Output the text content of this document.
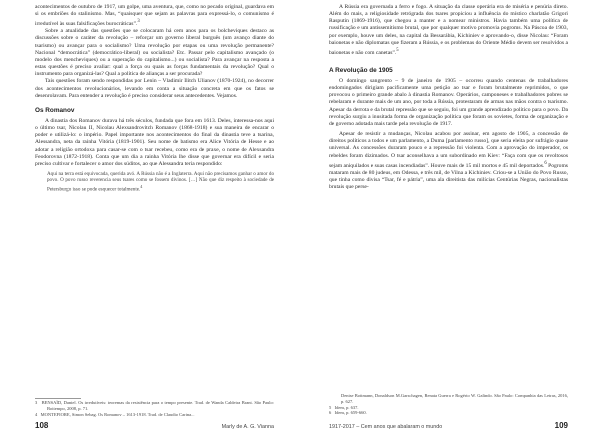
acontecimentos de outubro de 1917, um golpe, uma aventura, que, como no pecado original, guardava em si os embriões do stalinismo. Mas, “quaisquer que sejam as palavras para expressá-lo, o comunismo é irredutível às suas falsificações burocráticas”.$^3$

Sobre a atualidade das questões que se colocaram há cem anos para os bolcheviques destaco as discussões sobre o caráter da revolução – reforçar um governo liberal burguês (um avanço diante do tsarismo) ou avançar para o socialismo? Uma revolução por etapas ou uma revolução permanente? Nacional “democrática” (democrático-liberal) ou socialista? Etc. Passar pelo capitalismo avançado (o modelo dos mencheviques) ou a superação do capitalismo...) ou socialista? Para avançar na resposta a estas questões é preciso avaliar: qual a força ou quais as forças fundamentais da revolução? Qual o instrumento para organizá-las? Qual a política de alianças a ser procurada?

Tais questões foram sendo respondidas por Lenin – Vladimir Ilitch Ulianov (1870-1924), no decorrer dos acontecimentos revolucionários, levando em conta a situação concreta em que os fatos se desenrolavam. Para entender a revolução é preciso considerar seus antecedentes. Vejamos.

Os Romanov

A dinastia dos Romanov durava há três séculos, fundada que fora em 1613. Deles, interessa-nos aqui o último tsar, Nicolau II, Nicolau Alexsandrovitch Romanov (1868-1918) e sua maneira de encarar o poder e utilizá-lo: o império. Papel importante nos acontecimentos do final da dinastia teve a tsarina, Alessandra, neta da rainha Vitória (1819-1901). Seu nome de batismo era Alice Vitória de Hesse e ao adotar a religião ortodoxa para casar-se com o tsar recebeu, como era de praxe, o nome de Alexsandra Feodorovna (1872-1918). Conta que um dia a rainha Vitória lhe disse que governar era difícil e seria preciso cultivar e fortalecer o amor dos súditos, ao que Alessandra teria respondido:

Aqui na terra está equivocada, querida avó. A Rússia não é a Inglaterra. Aqui não precisamos ganhar o amor do povo. O povo russo reverencia seus tsares como se fossem divinos. […] Não que diz respeito à sociedade de Petersburgo isso se pode esquecer totalmente.$^4$
3 BENSAÏD, Daniel. Os irredutíveis: teoremas da resistência para o tempo presente. Trad. de Wanda Caldeira Brant. São Paulo: Boitempo, 2008, p. 71.
4 MONTEFIORE, Simon Sebag. Os Romanov – 1613-1918. Trad. de Claudio Carina...

A Rússia era governada a ferro e fogo. A situação da classe operária era de miséria e penúria direto. Além do mais, a religiosidade retrógrada dos tsares propiciou a influência do místico charlatão Grigori Rasputin (1869-1916), que chegou a manter e a nomear ministros. Havia também uma política de russificação e um antissemitismo brutal, que por qualquer motivo promovia pogroms. Na Páscoa de 1903, por exemplo, houve um deles, na capital da Bessarábia, Kichiniev e aprovando-o, disse Nicolau: “Foram baionetas e não diplomatas que fizeram a Rússia, e os problemas do Oriente Médio devem ser resolvidos a baionetas e não com canetas”.$^5$

A Revolução de 1905

O domingo sangrento – 9 de janeiro de 1905 – ocorreu quando centenas de trabalhadores endomingados dirigiam pacificamente uma petição ao tsar e foram brutalmente reprimidos, o que provocou o primeiro grande abalo à dinastia Romanov. Operários, camponeses e trabalhadores pobres se rebelaram e durante mais de um ano, por toda a Rússia, protestaram de armas nas mãos contra o tsarismo. Apesar da derrota e da brutal repressão que se seguiu, foi um grande aprendizado político para o povo. Da revolução surgiu a inusitada forma de organização política que foram os sovietes, forma de organização e de governo adotada mais tarde pela revolução de 1917.

Apesar de resistir a mudanças, Nicolau acabou por assinar, em agosto de 1905, a concessão de direitos políticos a todos e um parlamento, a Duma [parlamento russo], que seria eleita por sufrágio quase universal. As concessões duraram pouco e a repressão foi violenta. Com a aprovação do imperador, os rebeldes foram dizimados. O tsar aconselhava a um subordinado em Kiev: “Faça com que os revoltosos sejam aniquilados e suas casas incendiadas”. Houve mais de 15 mil mortos e 45 mil deportados.$^6$ Pogroms mataram mais de 80 judeus, em Odessa, e três mil, de Vilna a Kichiniev. Criou-se a União do Povo Russo, que tinha como divisa “Tsar, fé e pátria”, uma ala direitista das milícias Centúrias Negras, nacionalistas brutais que perse-

Denise Bottmann, Donaldson M.Garschagen, Renata Guerra e Rogério W. Galindo. São Paulo: Companhia das Letras, 2016, p. 627.
5 Idem, p. 637.
6 Idem, p. 659-660.
108	Marly de A. G. Vianna	1917-2017 – Cem anos que abalaram o mundo	109
